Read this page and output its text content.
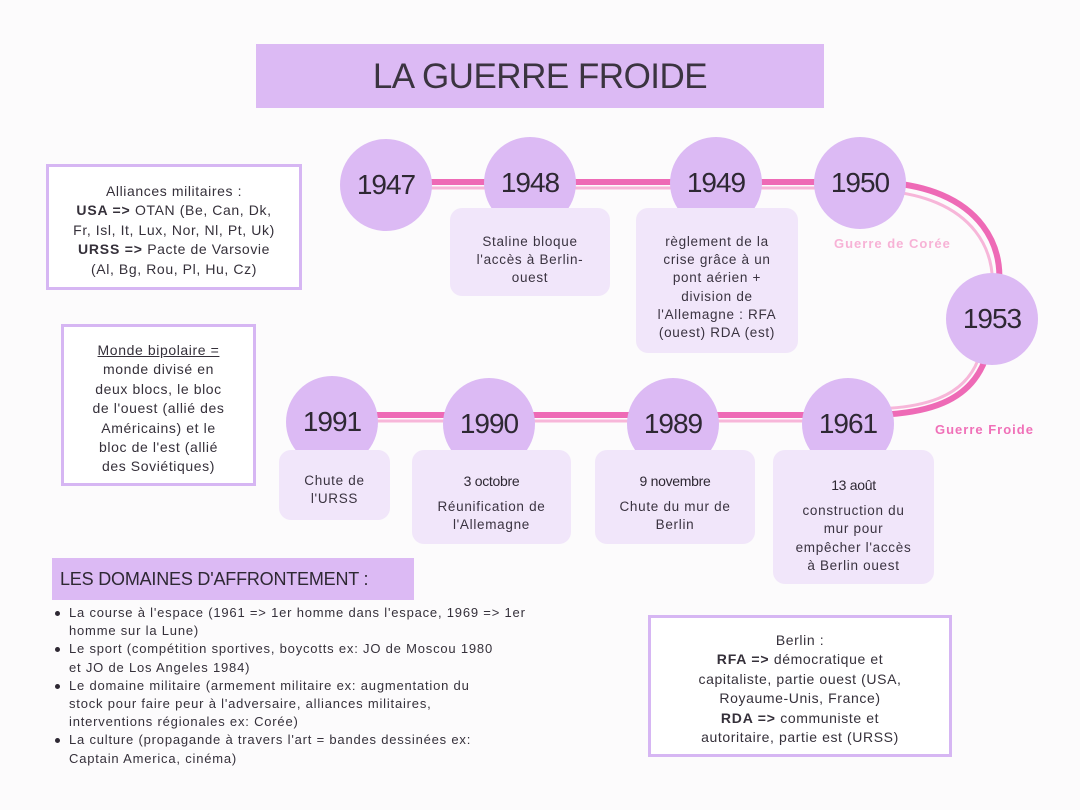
LA GUERRE FROIDE
1947	1948	1949	1950
1953
1961
1989
1990
1991
Guerre de Corée
Guerre Froide
Staline bloque
l'accès à Berlin-
ouest
règlement de la
crise grâce à un
pont aérien +
division de
l'Allemagne : RFA
(ouest) RDA (est)
Chute de
l'URSS
3 octobre
Réunification de
l'Allemagne
9 novembre
Chute du mur de
Berlin
13 août
construction du
mur pour
empêcher l'accès
à Berlin ouest
Alliances militaires :
USA => OTAN (Be, Can, Dk,
Fr, Isl, It, Lux, Nor, Nl, Pt, Uk)
URSS => Pacte de Varsovie
(Al, Bg, Rou, Pl, Hu, Cz)
Monde bipolaire =
monde divisé en
deux blocs, le bloc
de l'ouest (allié des
Américains) et le
bloc de l'est (allié
des Soviétiques)
LES DOMAINES D'AFFRONTEMENT :
La course à l'espace (1961 => 1er homme dans l'espace, 1969 => 1er
homme sur la Lune)
Le sport (compétition sportives, boycotts ex: JO de Moscou 1980
et JO de Los Angeles 1984)
Le domaine militaire (armement militaire ex: augmentation du
stock pour faire peur à l'adversaire, alliances militaires,
interventions régionales ex: Corée)
La culture (propagande à travers l'art = bandes dessinées ex:
Captain America, cinéma)
Berlin :
RFA => démocratique et
capitaliste, partie ouest (USA,
Royaume-Unis, France)
RDA => communiste et
autoritaire, partie est (URSS)
